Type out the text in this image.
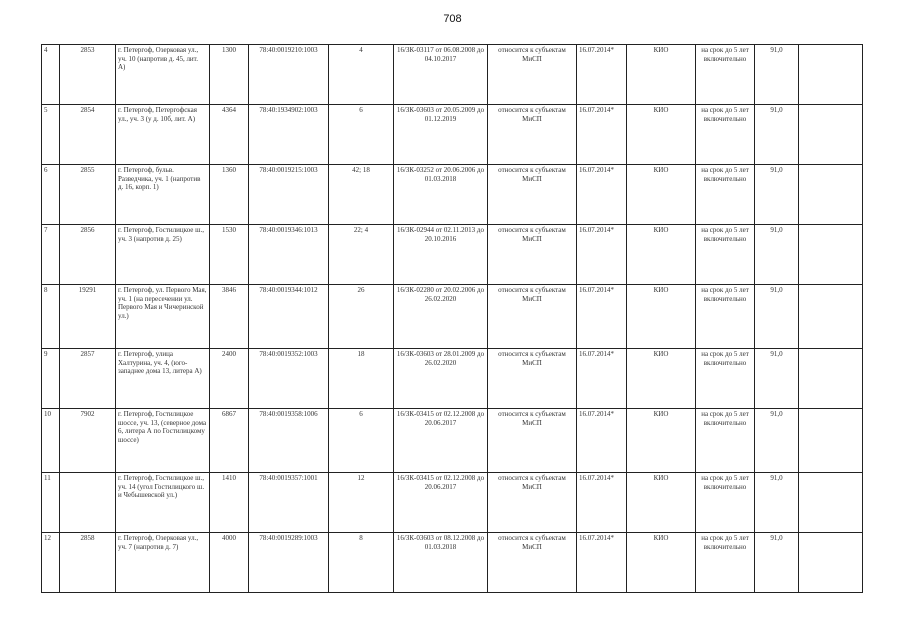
708
4	2853	г. Петергоф, Озерковая ул., уч. 10 (напротив д. 45, лит. А)	1300	78:40:0019210:1003	4	16/ЗК-03117 от 06.08.2008 до 04.10.2017	относится к субъектам МиСП	16.07.2014*	КИО	на срок до 5 лет включительно	91,0	
5	2854	г. Петергоф, Петергофская ул., уч. 3 (у д. 10б, лит. А)	4364	78:40:1934902:1003	6	16/ЗК-03603 от 20.05.2009 до 01.12.2019	относится к субъектам МиСП	16.07.2014*	КИО	на срок до 5 лет включительно	91,0	
6	2855	г. Петергоф, бульв. Разведчика, уч. 1 (напротив д. 16, корп. 1)	1360	78:40:0019215:1003	42; 18	16/ЗК-03252 от 20.06.2006 до 01.03.2018	относится к субъектам МиСП	16.07.2014*	КИО	на срок до 5 лет включительно	91,0	
7	2856	г. Петергоф, Гостилицкое ш., уч. 3 (напротив д. 25)	1530	78:40:0019346:1013	22; 4	16/ЗК-02944 от 02.11.2013 до 20.10.2016	относится к субъектам МиСП	16.07.2014*	КИО	на срок до 5 лет включительно	91,0	
8	19291	г. Петергоф, ул. Первого Мая, уч. 1 (на пересечении ул. Первого Мая и Чичеринской ул.)	3846	78:40:0019344:1012	26	16/ЗК-02280 от 20.02.2006 до 26.02.2020	относится к субъектам МиСП	16.07.2014*	КИО	на срок до 5 лет включительно	91,0	
9	2857	г. Петергоф, улица Халтурина, уч. 4, (юго-западнее дома 13, литера А)	2400	78:40:0019352:1003	18	16/ЗК-03603 от 28.01.2009 до 26.02.2020	относится к субъектам МиСП	16.07.2014*	КИО	на срок до 5 лет включительно	91,0	
10	7902	г. Петергоф, Гостилицкое шоссе, уч. 13, (северное дома 6, литера А по Гостилицкому шоссе)	6867	78:40:0019358:1006	6	16/ЗК-03415 от 02.12.2008 до 20.06.2017	относится к субъектам МиСП	16.07.2014*	КИО	на срок до 5 лет включительно	91,0	
11		г. Петергоф, Гостилицкое ш., уч. 14 (угол Гостилицкого ш. и Чебышевской ул.)	1410	78:40:0019357:1001	12	16/ЗК-03415 от 02.12.2008 до 20.06.2017	относится к субъектам МиСП	16.07.2014*	КИО	на срок до 5 лет включительно	91,0	
12	2858	г. Петергоф, Озерковая ул., уч. 7 (напротив д. 7)	4000	78:40:0019289:1003	8	16/ЗК-03603 от 08.12.2008 до 01.03.2018	относится к субъектам МиСП	16.07.2014*	КИО	на срок до 5 лет включительно	91,0	
